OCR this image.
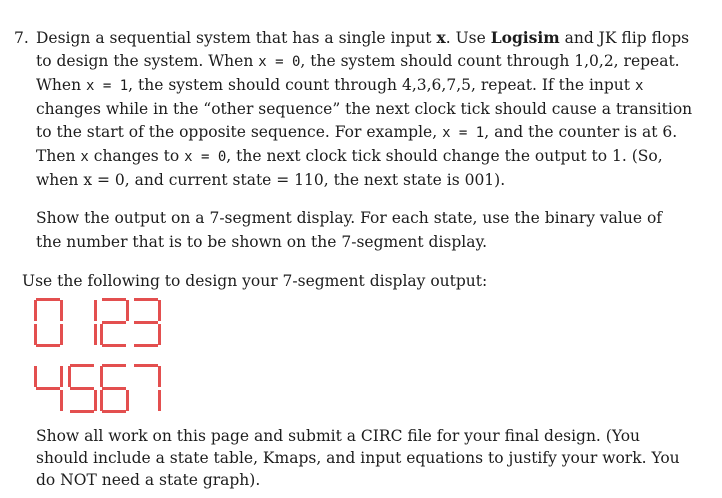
7. Design a sequential system that has a single input x. Use Logisim and JK flip flops

to design the system. When x = 0, the system should count through 1,0,2, repeat.

When x = 1, the system should count through 4,3,6,7,5, repeat. If the input x

changes while in the “other sequence” the next clock tick should cause a transition

to the start of the opposite sequence. For example, x = 1, and the counter is at 6.

Then x changes to x = 0, the next clock tick should change the output to 1. (So,

when x = 0, and current state = 110, the next state is 001).

Show the output on a 7-segment display. For each state, use the binary value of

the number that is to be shown on the 7-segment display.

Use the following to design your 7-segment display output:

Show all work on this page and submit a CIRC file for your final design. (You

should include a state table, Kmaps, and input equations to justify your work. You

do NOT need a state graph).
